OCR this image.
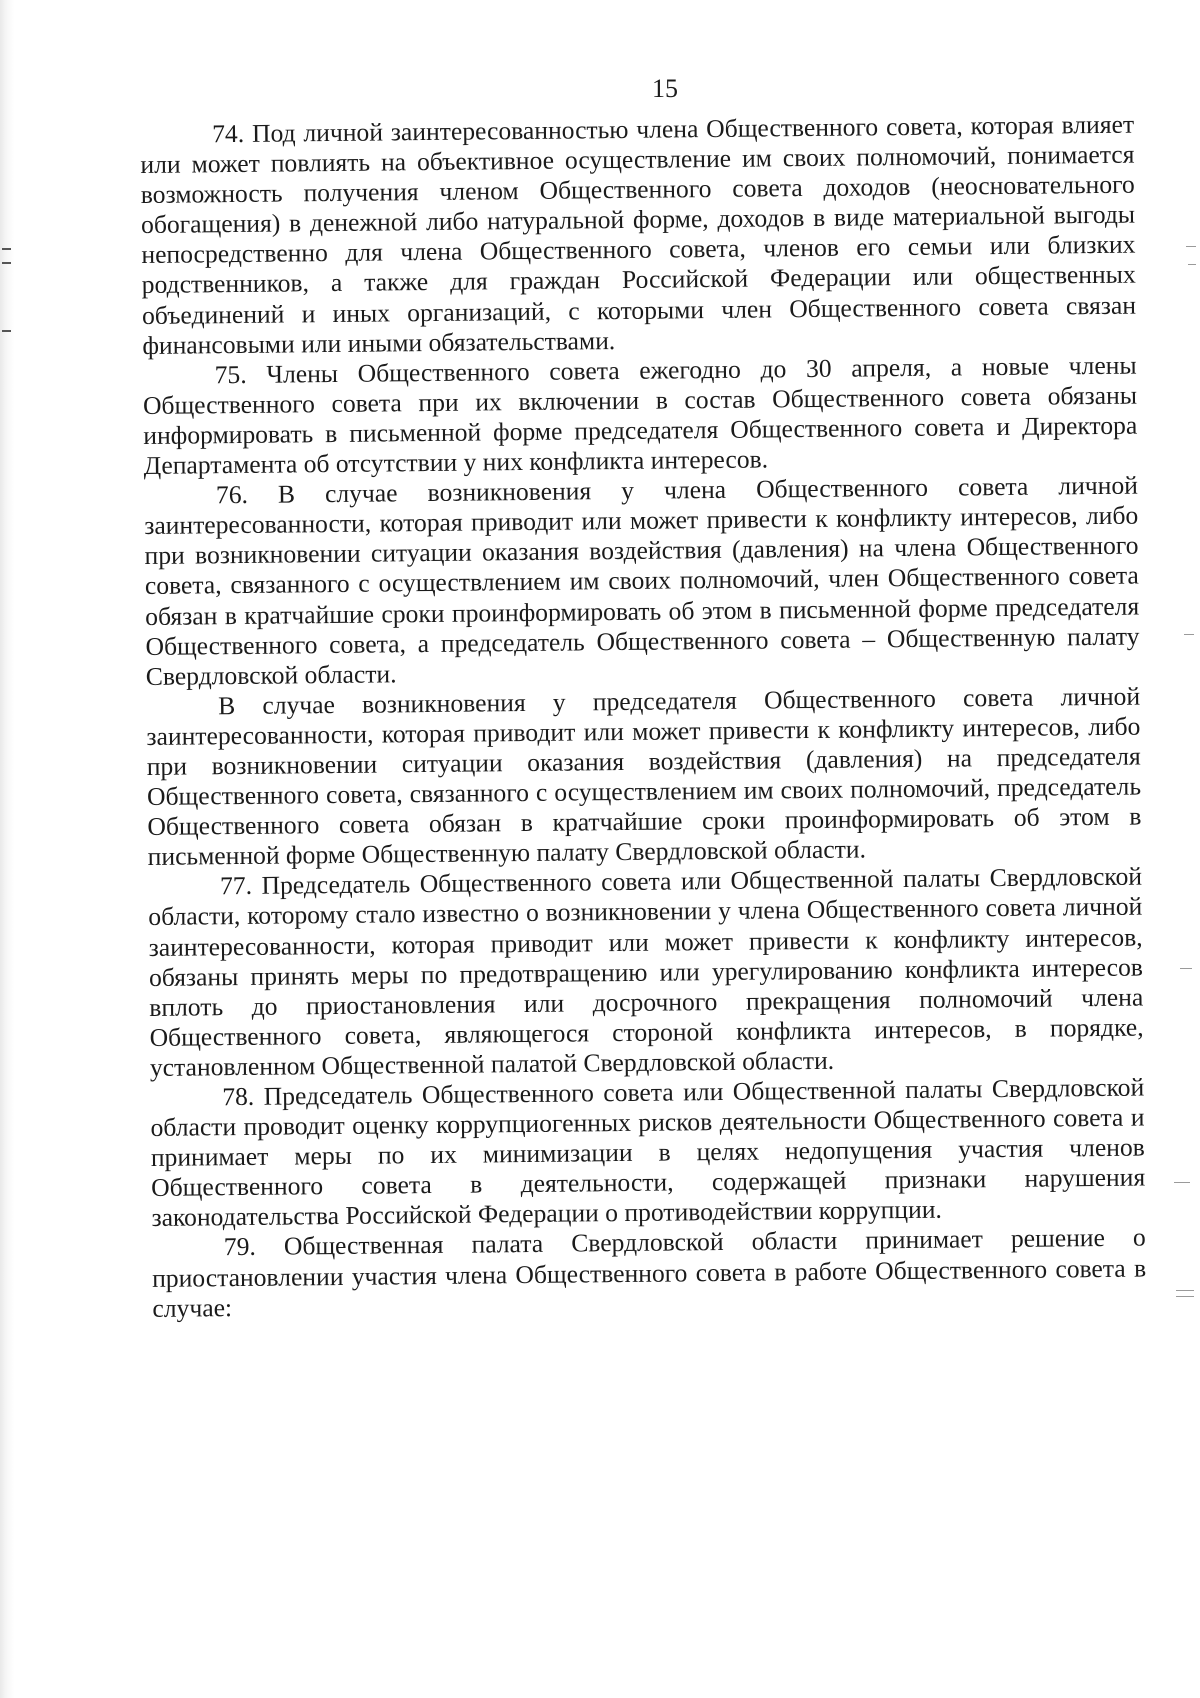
15

74. Под личной заинтересованностью члена Общественного совета, которая влияет или может повлиять на объективное осуществление им своих полномочий, понимается возможность получения членом Общественного совета доходов (неосновательного обогащения) в денежной либо натуральной форме, доходов в виде материальной выгоды непосредственно для члена Общественного совета, членов его семьи или близких родственников, а также для граждан Российской Федерации или общественных объединений и иных организаций, с которыми член Общественного совета связан финансовыми или иными обязательствами.

75. Члены Общественного совета ежегодно до 30 апреля, а новые члены Общественного совета при их включении в состав Общественного совета обязаны информировать в письменной форме председателя Общественного совета и Директора Департамента об отсутствии у них конфликта интересов.

76. В случае возникновения у члена Общественного совета личной заинтересованности, которая приводит или может привести к конфликту интересов, либо при возникновении ситуации оказания воздействия (давления) на члена Общественного совета, связанного с осуществлением им своих полномочий, член Общественного совета обязан в кратчайшие сроки проинформировать об этом в письменной форме председателя Общественного совета, а председатель Общественного совета – Общественную палату Свердловской области.

В случае возникновения у председателя Общественного совета личной заинтересованности, которая приводит или может привести к конфликту интересов, либо при возникновении ситуации оказания воздействия (давления) на председателя Общественного совета, связанного с осуществлением им своих полномочий, председатель Общественного совета обязан в кратчайшие сроки проинформировать об этом в письменной форме Общественную палату Свердловской области.

77. Председатель Общественного совета или Общественной палаты Свердловской области, которому стало известно о возникновении у члена Общественного совета личной заинтересованности, которая приводит или может привести к конфликту интересов, обязаны принять меры по предотвращению или урегулированию конфликта интересов вплоть до приостановления или досрочного прекращения полномочий члена Общественного совета, являющегося стороной конфликта интересов, в порядке, установленном Общественной палатой Свердловской области.

78. Председатель Общественного совета или Общественной палаты Свердловской области проводит оценку коррупциогенных рисков деятельности Общественного совета и принимает меры по их минимизации в целях недопущения участия членов Общественного совета в деятельности, содержащей признаки нарушения законодательства Российской Федерации о противодействии коррупции.

79. Общественная палата Свердловской области принимает решение о приостановлении участия члена Общественного совета в работе Общественного совета в случае:
